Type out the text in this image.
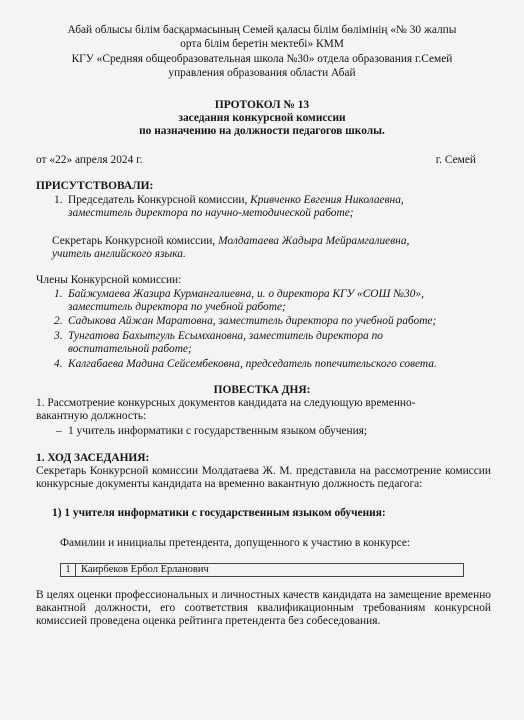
Абай облысы білім басқармасының Семей қаласы білім бөлімінің «№ 30 жалпы
орта білім беретін мектебі» КММ
КГУ «Средняя общеобразовательная школа №30» отдела образования г.Семей
управления образования области Абай
ПРОТОКОЛ № 13
заседания конкурсной комиссии
по назначению на должности педагогов школы.
от «22» апреля 2024 г.	г. Семей
ПРИСУТСТВОВАЛИ:
1. Председатель Конкурсной комиссии, Кривченко Евгения Николаевна,
заместитель директора по научно-методической работе;
Секретарь Конкурсной комиссии, Молдатаева Жадыра Мейрамгалиевна,
учитель английского языка.
Члены Конкурсной комиссии:
1. Байжумаева Жазира Курмангалиевна, и. о директора КГУ «СОШ №30»,
заместитель директора по учебной работе;
2. Садыкова Айжан Маратовна, заместитель директора по учебной работе;
3. Тунгатова Бахытгуль Есымхановна, заместитель директора по
воспитательной работе;
4. Калгабаева Мадина Сейсембековна, председатель попечительского совета.
ПОВЕСТКА ДНЯ:
1. Рассмотрение конкурсных документов кандидата на следующую временно-
вакантную должность:
– 1 учитель информатики с государственным языком обучения;
1. ХОД ЗАСЕДАНИЯ:
Секретарь Конкурсной комиссии Молдатаева Ж. М. представила на рассмотрение комиссии конкурсные документы кандидата на временно вакантную должность педагога:
1) 1 учителя информатики с государственным языком обучения:
Фамилии и инициалы претендента, допущенного к участию в конкурсе:
1 Каирбеков Ербол Ерланович
В целях оценки профессиональных и личностных качеств кандидата на замещение временно вакантной должности, его соответствия квалификационным требованиям конкурсной комиссией проведена оценка рейтинга претендента без собеседования.
